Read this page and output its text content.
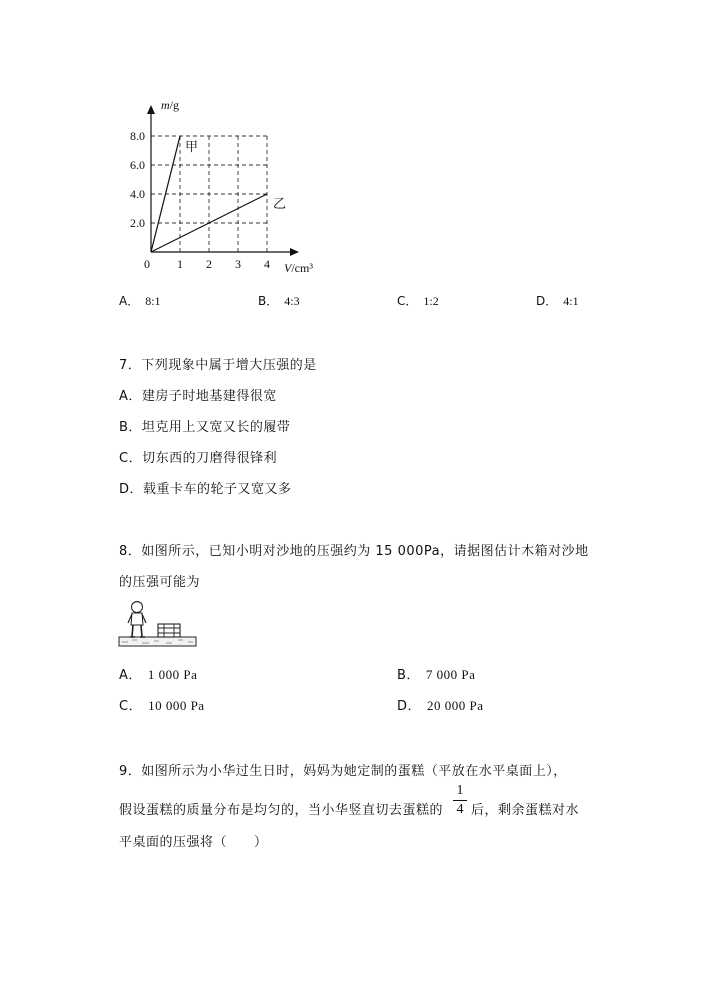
2.0
4.0
6.0
8.0
1 2 3 4
0
m/g
V/cm³
甲
乙
A． 8:1	B． 4:3	C． 1:2	D． 4:1
7．下列现象中属于增大压强的是
A．建房子时地基建得很宽
B．坦克用上又宽又长的履带
C．切东西的刀磨得很锋利
D．载重卡车的轮子又宽又多
8．如图所示，已知小明对沙地的压强约为 15 000Pa，请据图估计木箱对沙地
的压强可能为
A． 1 000 Pa	B． 7 000 Pa
C． 10 000 Pa	D． 20 000 Pa
9．如图所示为小华过生日时，妈妈为她定制的蛋糕（平放在水平桌面上），
假设蛋糕的质量分布是均匀的，当小华竖直切去蛋糕的
1
4 后，剩余蛋糕对水
平桌面的压强将（　　）
